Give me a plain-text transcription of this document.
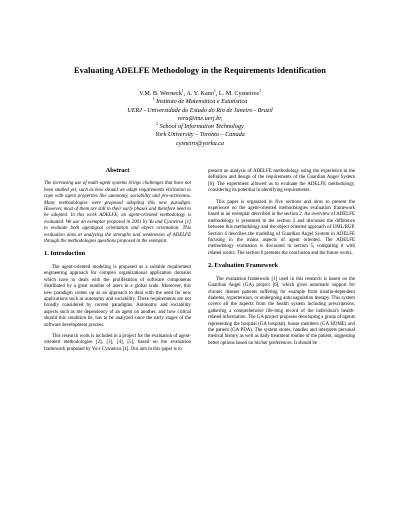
Evaluating ADELFE Methodology in the Requirements Identification
V.M. B. Werneck$^1$, A. Y. Kano$^1$, L. M. Cysneiros$^2$
$^1$ Instituto de Matemática e Estatística
UERJ - Universidade do Estado do Rio de Janeiro - Brazil
vera@ime.uerj.br,
$^2$ School of Information Technology
York University – Toronto – Canada
cysneiro@yorku.ca
Abstract

The increasing use of multi-agent systems brings challenges that have not been studied yet, such as how should we adapt requirements elicitation to cope with agent properties like autonomy, sociability and pro-activeness. Many methodologies were proposed adopting this new paradigm. However, most of them are still in their early phases and therefore need to be adopted. In this work ADELFE, an agent-oriented methodology is evaluated. We use an exemplar proposed in 2001 by Yu and Cysneiros [1] to evaluate both agentigoal orientation and object orientation. This evaluation aims at analyzing the strengths and weaknesses of ADELFE through the methodologies questions proposed in the exemplar.

1. Introduction

The agent-oriented modeling is proposed as a suitable requirement engineering approach for complex organizational application domains which have to deals with the proliferation of software components distributed by a great number of users in a global scale. Moreover, this new paradigm comes up as an approach to deal with the need for new applications such as autonomy and sociability. These requirements are not broadly considered by current paradigms. Autonomy and sociability aspects such as the dependency of an agent on another, and how critical should this condition be, has to be analyzed since the early stages of the software development process.

This research work is included in a project for the evaluation of agent-oriented methodologies [2], [3], [4], [5], based on the evaluation framework proposed by Yu e Cysneiros [1]. Our aim in this paper is to

present an analysis of ADELFE methodology using the experience in the definition and design of the requirements of the Guardian Angel System [6]. The experiment allowed us to evaluate the ADELFE methodology, considering its potential in identifying requirements.

This paper is organized in five sections and aims to present the experience on the agent-oriented methodologies evaluation framework based in an exemplar described in the section 2. An overview of ADELFE methodology is presented in the section 3 and discusses the difference between this methodology and the object oriented approach of UML/RUP. Section 4 describes the modeling of Guardian Angel System in ADELFE focusing in the mains aspects of agent oriented. The ADELFE methodology evaluation is discussed in section 5, comparing it with related works. The section 6 presents the conclusion and the future works.

2. Evaluation Framework

The evaluation framework [1] used in this research is based on the Guardian Angel (GA) project [6], which gives automatic support for chronic disease patients suffering for example from insulin-dependent diabetes, hypertension, or undergoing anticoagulation therapy. This system covers all the aspects from the health system including prescriptions, gathering a comprehensive life-long record of the individual's health-related information. The GA project proposes developing a group of agents representing the hospital (GA hospital), house members (GA HOME) and the patient (GA PDA). The system stores, handles and interprets personal medical history as well as daily treatment routine of the patient, suggesting better options based on his/her preferences. It should be
